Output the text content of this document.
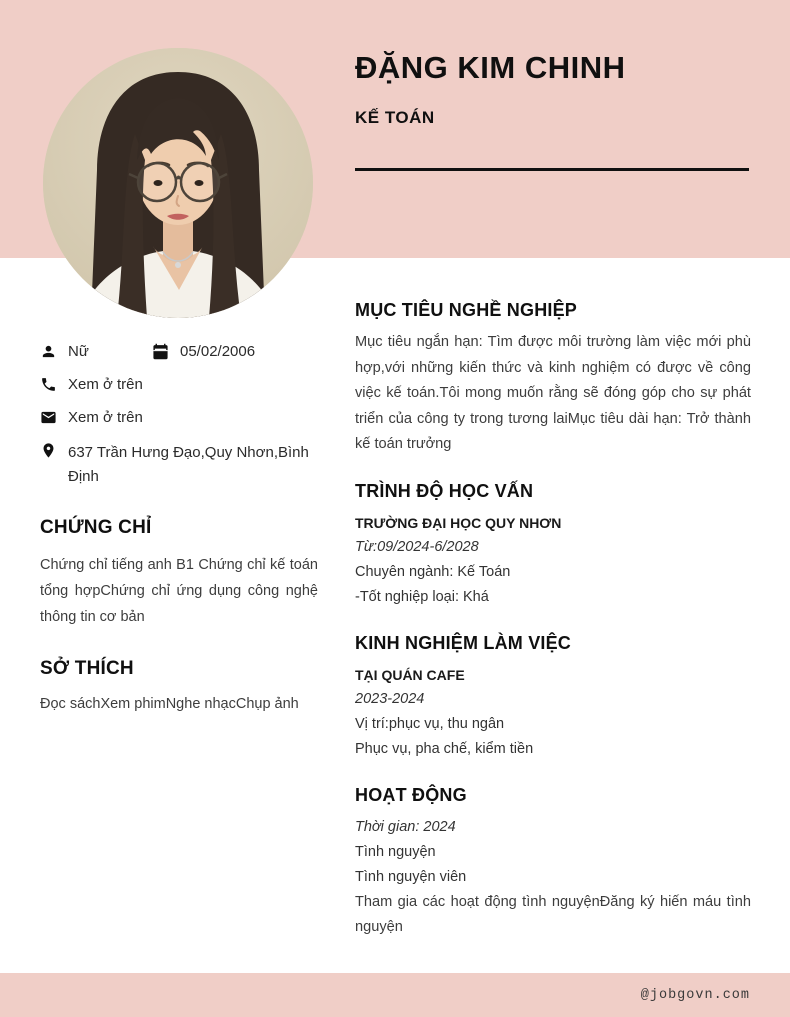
ĐẶNG KIM CHINH
KẾ TOÁN
Nữ	05/02/2006
Xem ở trên
Xem ở trên
637 Trần Hưng Đạo,Quy Nhơn,Bình Định
CHỨNG CHỈ

Chứng chỉ tiếng anh B1 Chứng chỉ kế toán tổng hợpChứng chỉ ứng dụng công nghệ thông tin cơ bản

SỞ THÍCH

Đọc sáchXem phimNghe nhạcChụp ảnh

MỤC TIÊU NGHỀ NGHIỆP

Mục tiêu ngắn hạn: Tìm được môi trường làm việc mới phù hợp,với những kiến thức và kinh nghiệm có được về công việc kế toán.Tôi mong muốn rằng sẽ đóng góp cho sự phát triển của công ty trong tương laiMục tiêu dài hạn: Trở thành kế toán trưởng

TRÌNH ĐỘ HỌC VẤN
TRƯỜNG ĐẠI HỌC QUY NHƠN
Từ:09/2024-6/2028
Chuyên ngành: Kế Toán
-Tốt nghiệp loại: Khá
KINH NGHIỆM LÀM VIỆC
TẠI QUÁN CAFE
2023-2024
Vị trí:phục vụ, thu ngân
Phục vụ, pha chế, kiểm tiền
HOẠT ĐỘNG
Thời gian: 2024
Tình nguyện
Tình nguyện viên

Tham gia các hoạt động tình nguyệnĐăng ký hiến máu tình nguyện

@jobgovn.com
